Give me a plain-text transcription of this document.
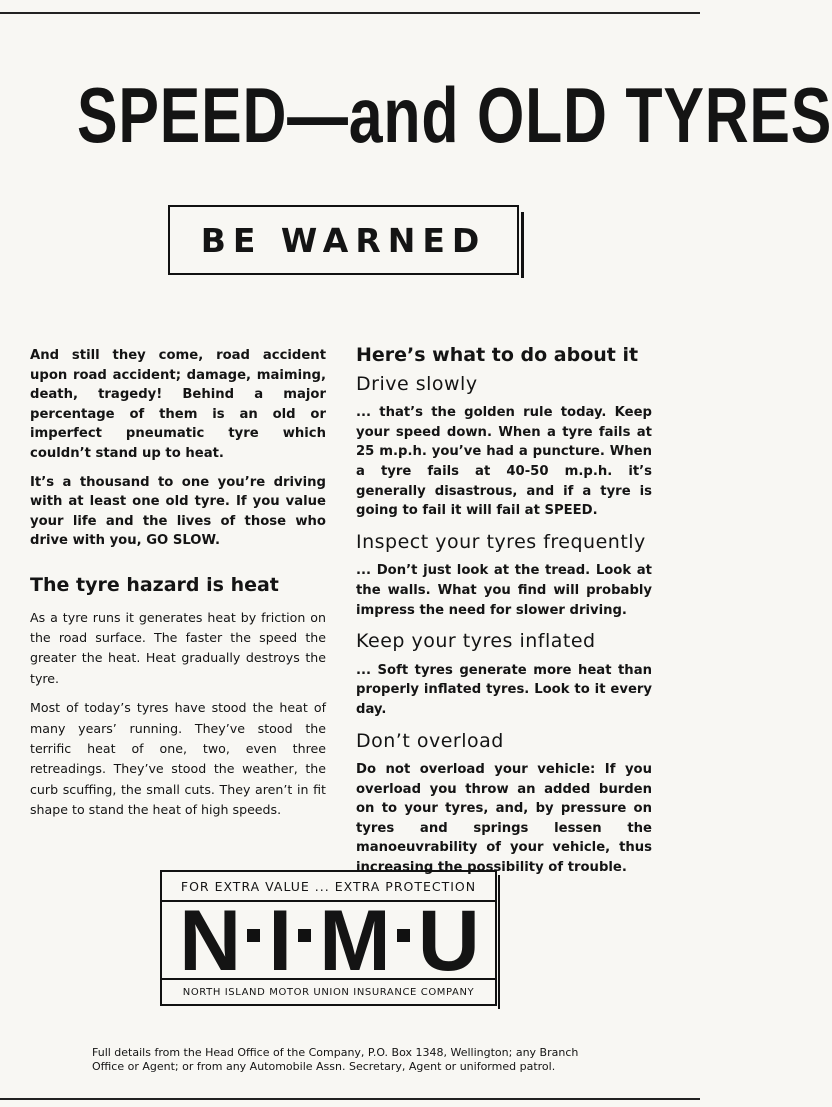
SPEED—and OLD TYRES
BE WARNED

And still they come, road accident upon road accident; damage, maiming, death, tragedy! Behind a major percentage of them is an old or imperfect pneumatic tyre which couldn’t stand up to heat.

It’s a thousand to one you’re driving with at least one old tyre. If you value your life and the lives of those who drive with you, GO SLOW.

The tyre hazard is heat

As a tyre runs it generates heat by friction on the road surface. The faster the speed the greater the heat. Heat gradually destroys the tyre.

Most of today’s tyres have stood the heat of many years’ running. They’ve stood the terrific heat of one, two, even three retreadings. They’ve stood the weather, the curb scuffing, the small cuts. They aren’t in fit shape to stand the heat of high speeds.

Here’s what to do about it

Drive slowly

... that’s the golden rule today. Keep your speed down. When a tyre fails at 25 m.p.h. you’ve had a puncture. When a tyre fails at 40-50 m.p.h. it’s generally disastrous, and if a tyre is going to fail it will fail at SPEED.

Inspect your tyres frequently

... Don’t just look at the tread. Look at the walls. What you find will probably impress the need for slower driving.

Keep your tyres inflated

... Soft tyres generate more heat than properly inflated tyres. Look to it every day.

Don’t overload

Do not overload your vehicle: If you overload you throw an added burden on to your tyres, and, by pressure on tyres and springs lessen the manoeuvrability of your vehicle, thus increasing the possibility of trouble.

FOR EXTRA VALUE ... EXTRA PROTECTION
N I M U
NORTH ISLAND MOTOR UNION INSURANCE COMPANY
Full details from the Head Office of the Company, P.O. Box 1348, Wellington; any Branch Office or Agent; or from any Automobile Assn. Secretary, Agent or uniformed patrol.
